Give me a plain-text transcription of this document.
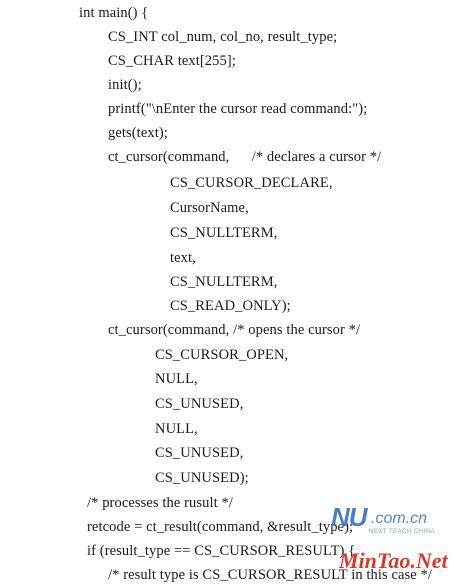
int main() {
CS_INT col_num, col_no, result_type;
CS_CHAR text[255];
init();
printf("\nEnter the cursor read command:");
gets(text);
ct_cursor(command,      /* declares a cursor */
CS_CURSOR_DECLARE,
CursorName,
CS_NULLTERM,
text,
CS_NULLTERM,
CS_READ_ONLY);
ct_cursor(command, /* opens the cursor */
CS_CURSOR_OPEN,
NULL,
CS_UNUSED,
NULL,
CS_UNUSED,
CS_UNUSED);
/* processes the rusult */
retcode = ct_result(command, &result_type);
if (result_type == CS_CURSOR_RESULT) {
/* result type is CS_CURSOR_RESULT in this case */
NU .com.cn
NEXT TEACH CHINA
MinTao.Net
